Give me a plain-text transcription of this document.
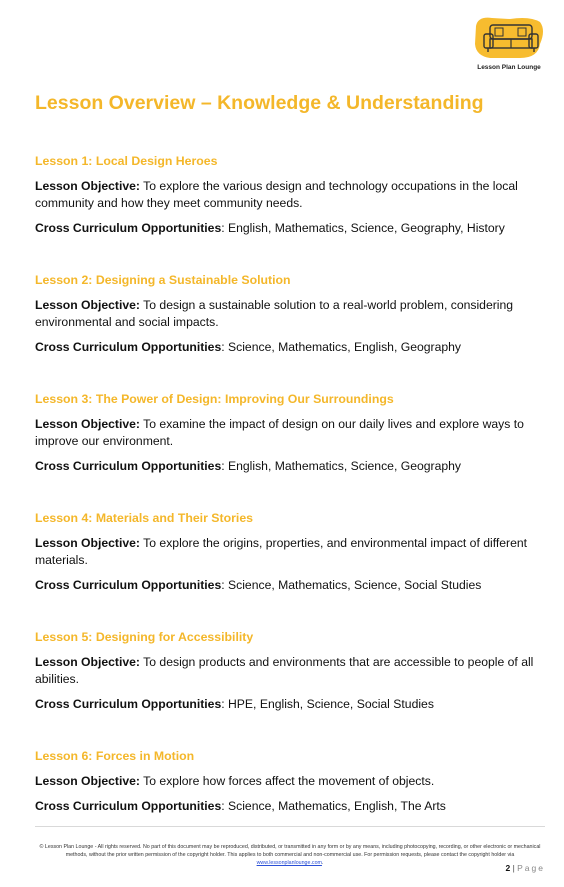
Lesson Plan Lounge
Lesson Overview – Knowledge & Understanding
Lesson 1: Local Design Heroes

Lesson Objective: To explore the various design and technology occupations in the local community and how they meet community needs.

Cross Curriculum Opportunities: English, Mathematics, Science, Geography, History

Lesson 2: Designing a Sustainable Solution

Lesson Objective: To design a sustainable solution to a real-world problem, considering environmental and social impacts.

Cross Curriculum Opportunities: Science, Mathematics, English, Geography

Lesson 3: The Power of Design: Improving Our Surroundings

Lesson Objective: To examine the impact of design on our daily lives and explore ways to improve our environment.

Cross Curriculum Opportunities: English, Mathematics, Science, Geography

Lesson 4: Materials and Their Stories

Lesson Objective: To explore the origins, properties, and environmental impact of different materials.

Cross Curriculum Opportunities: Science, Mathematics, Science, Social Studies

Lesson 5: Designing for Accessibility

Lesson Objective: To design products and environments that are accessible to people of all abilities.

Cross Curriculum Opportunities: HPE, English, Science, Social Studies

Lesson 6: Forces in Motion

Lesson Objective: To explore how forces affect the movement of objects.

Cross Curriculum Opportunities: Science, Mathematics, English, The Arts

© Lesson Plan Lounge - All rights reserved. No part of this document may be reproduced, distributed, or transmitted in any form or by any means, including photocopying, recording, or other electronic or mechanical methods, without the prior written permission of the copyright holder. This applies to both commercial and non-commercial use. For permission requests, please contact the copyright holder via
www.lessonplanlounge.com.	2 | Page
